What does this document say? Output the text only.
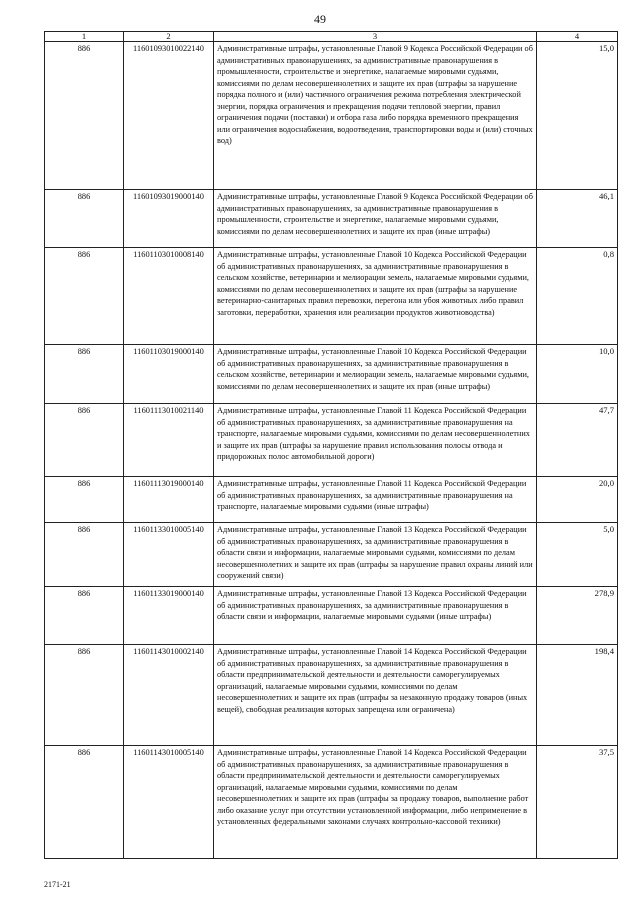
49
1	2	3	4
886	11601093010022140	Административные штрафы, установленные Главой 9 Кодекса Российской Федерации об административных правонарушениях, за административные правонарушения в промышленности, строительстве и энергетике, налагаемые мировыми судьями, комиссиями по делам несовершеннолетних и защите их прав (штрафы за нарушение порядка полного и (или) частичного ограничения режима потребления электрической энергии, порядка ограничения и прекращения подачи тепловой энергии, правил ограничения подачи (поставки) и отбора газа либо порядка временного прекращения или ограничения водоснабжения, водоотведения, транспортировки воды и (или) сточных вод)	15,0
886	11601093019000140	Административные штрафы, установленные Главой 9 Кодекса Российской Федерации об административных правонарушениях, за административные правонарушения в промышленности, строительстве и энергетике, налагаемые мировыми судьями, комиссиями по делам несовершеннолетних и защите их прав (иные штрафы)	46,1
886	11601103010008140	Административные штрафы, установленные Главой 10 Кодекса Российской Федерации об административных правонарушениях, за административные правонарушения в сельском хозяйстве, ветеринарии и мелиорации земель, налагаемые мировыми судьями, комиссиями по делам несовершеннолетних и защите их прав (штрафы за нарушение ветеринарно-санитарных правил перевозки, перегона или убоя животных либо правил заготовки, переработки, хранения или реализации продуктов животноводства)	0,8
886	11601103019000140	Административные штрафы, установленные Главой 10 Кодекса Российской Федерации об административных правонарушениях, за административные правонарушения в сельском хозяйстве, ветеринарии и мелиорации земель, налагаемые мировыми судьями, комиссиями по делам несовершеннолетних и защите их прав (иные штрафы)	10,0
886	11601113010021140	Административные штрафы, установленные Главой 11 Кодекса Российской Федерации об административных правонарушениях, за административные правонарушения на транспорте, налагаемые мировыми судьями, комиссиями по делам несовершеннолетних и защите их прав (штрафы за нарушение правил использования полосы отвода и придорожных полос автомобильной дороги)	47,7
886	11601113019000140	Административные штрафы, установленные Главой 11 Кодекса Российской Федерации об административных правонарушениях, за административные правонарушения на транспорте, налагаемые мировыми судьями (иные штрафы)	20,0
886	11601133010005140	Административные штрафы, установленные Главой 13 Кодекса Российской Федерации об административных правонарушениях, за административные правонарушения в области связи и информации, налагаемые мировыми судьями, комиссиями по делам несовершеннолетних и защите их прав (штрафы за нарушение правил охраны линий или сооружений связи)	5,0
886	11601133019000140	Административные штрафы, установленные Главой 13 Кодекса Российской Федерации об административных правонарушениях, за административные правонарушения в области связи и информации, налагаемые мировыми судьями (иные штрафы)	278,9
886	11601143010002140	Административные штрафы, установленные Главой 14 Кодекса Российской Федерации об административных правонарушениях, за административные правонарушения в области предпринимательской деятельности и деятельности саморегулируемых организаций, налагаемые мировыми судьями, комиссиями по делам несовершеннолетних и защите их прав (штрафы за незаконную продажу товаров (иных вещей), свободная реализация которых запрещена или ограничена)	198,4
886	11601143010005140	Административные штрафы, установленные Главой 14 Кодекса Российской Федерации об административных правонарушениях, за административные правонарушения в области предпринимательской деятельности и деятельности саморегулируемых организаций, налагаемые мировыми судьями, комиссиями по делам несовершеннолетних и защите их прав (штрафы за продажу товаров, выполнение работ либо оказание услуг при отсутствии установленной информации, либо неприменение в установленных федеральными законами случаях контрольно-кассовой техники)	37,5
2171-21
